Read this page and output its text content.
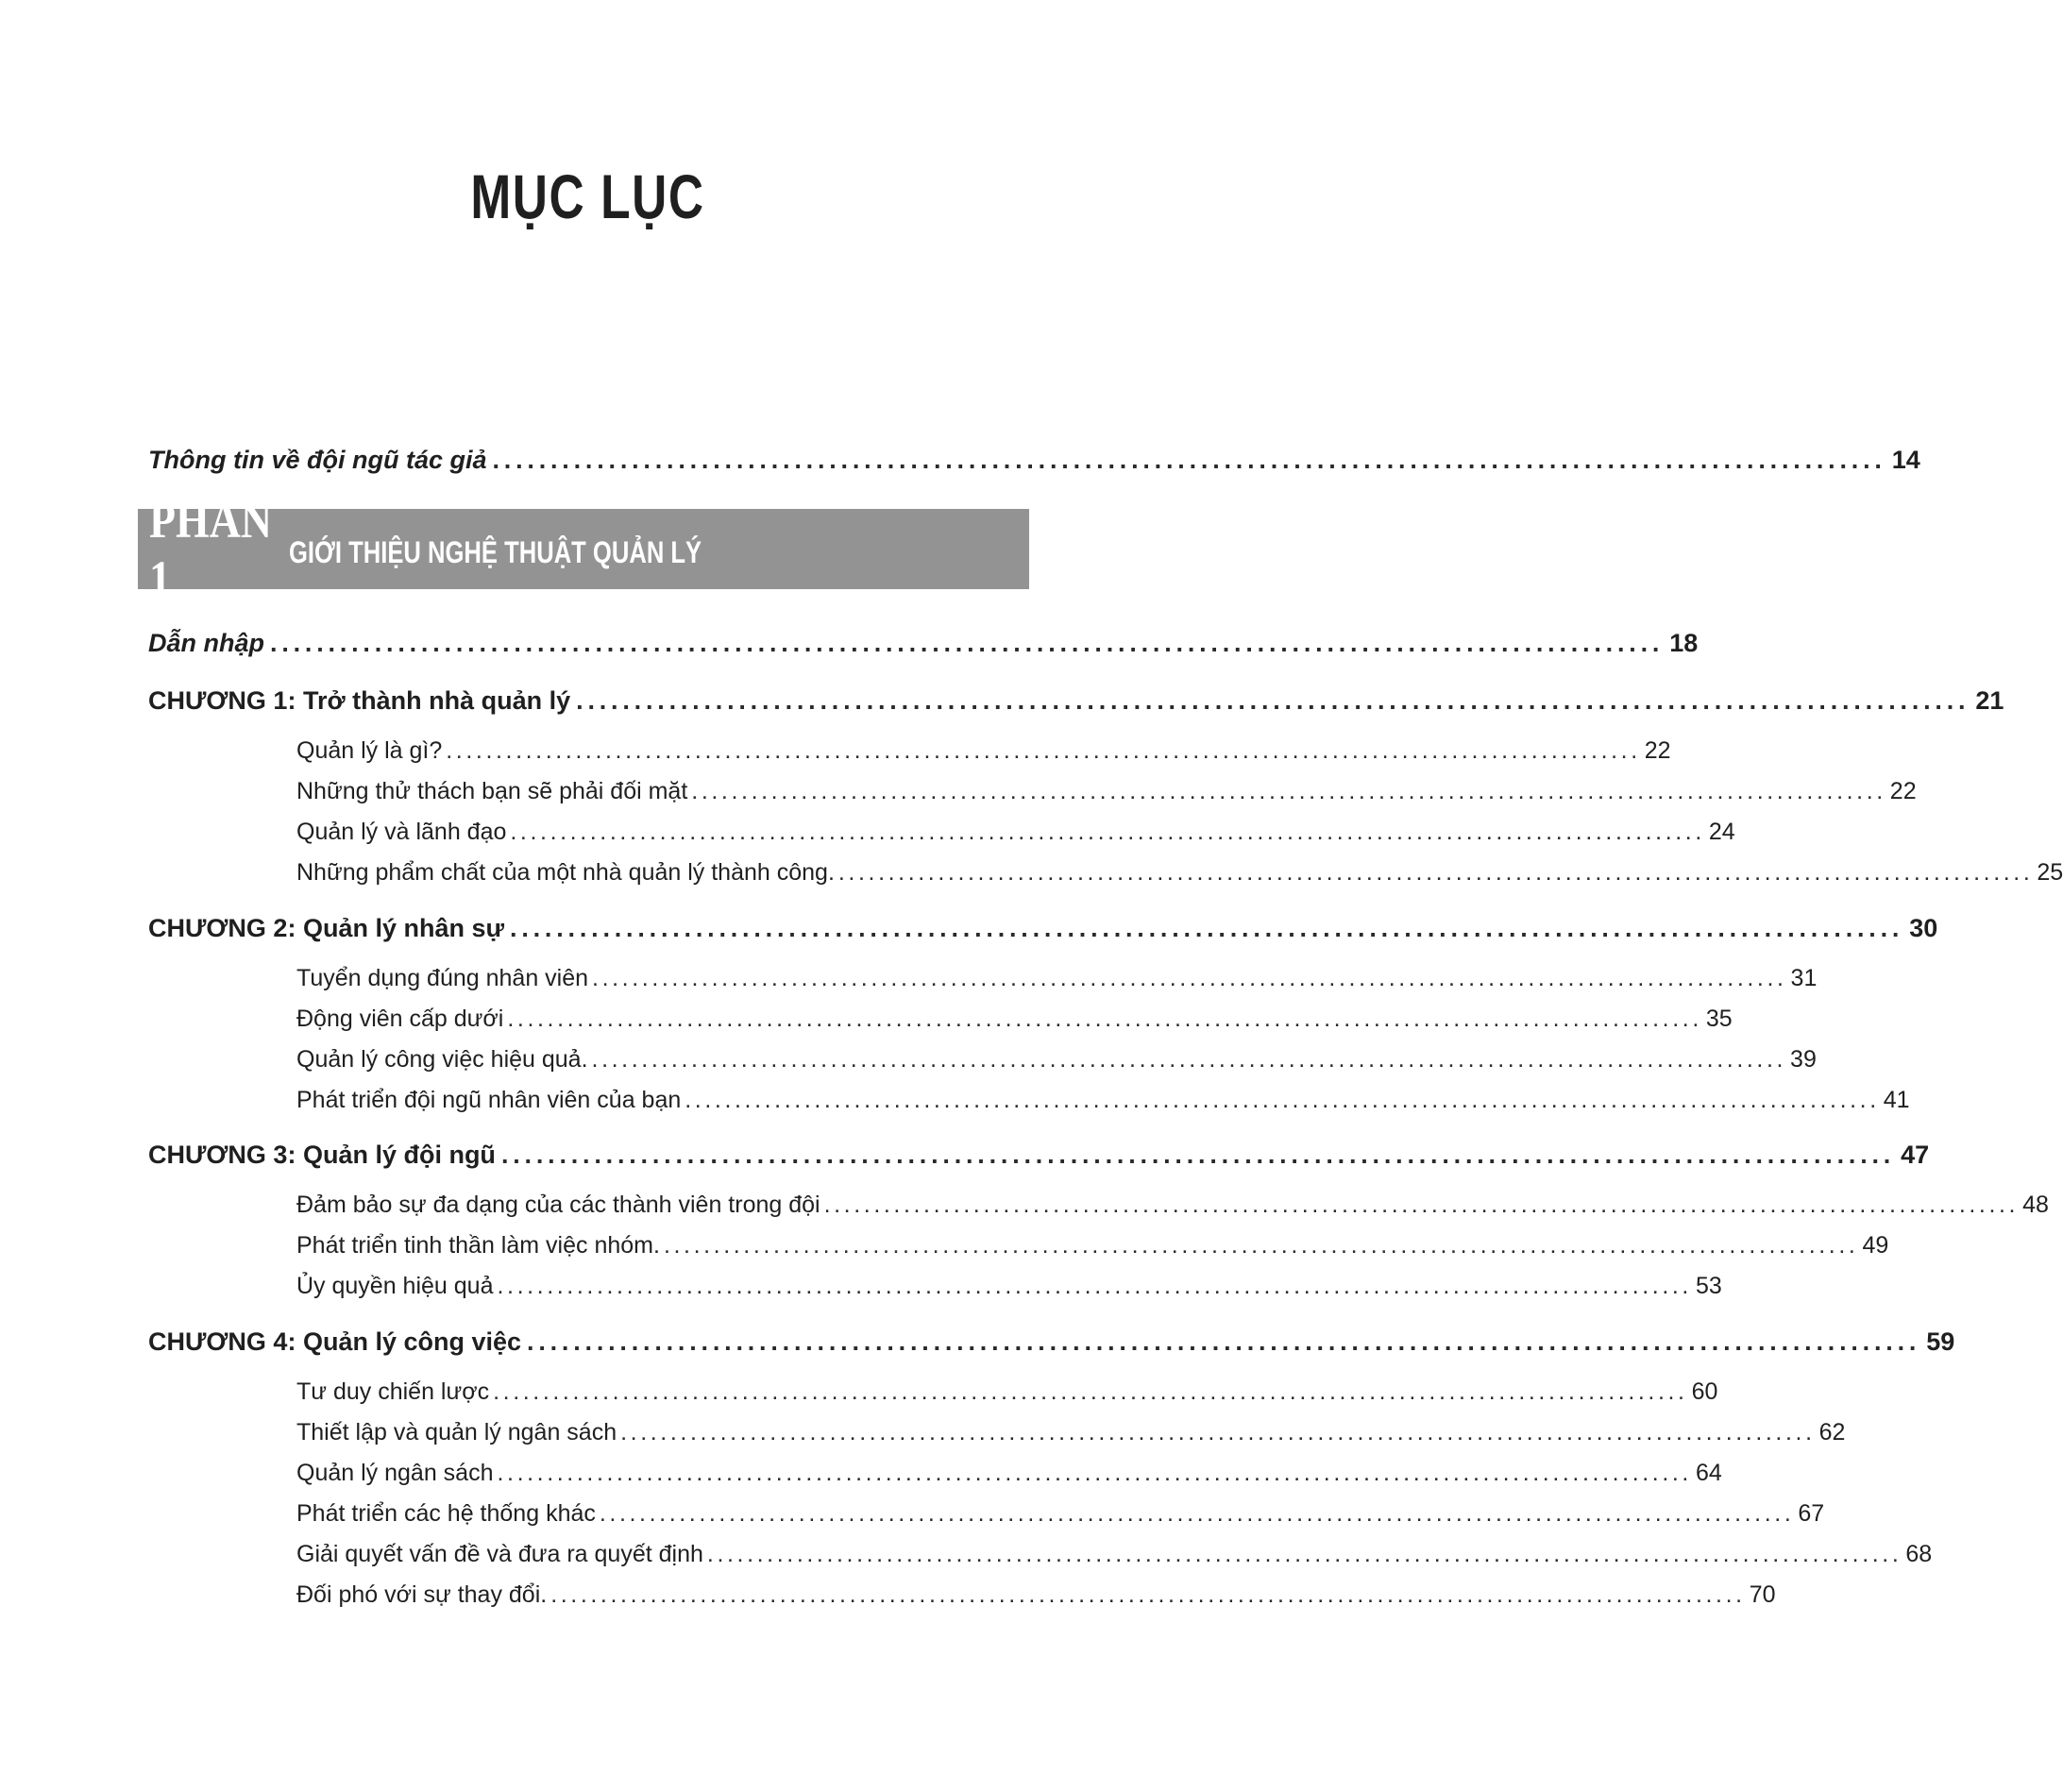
MỤC LỤC
Thông tin về đội ngũ tác giả ........................................................................................................................ 14
Dẫn nhập ........................................................................................................................ 18
CHƯƠNG 1: Trở thành nhà quản lý ........................................................................................................................ 21
Quản lý là gì? ........................................................................................................................ 22
Những thử thách bạn sẽ phải đối mặt ........................................................................................................................ 22
Quản lý và lãnh đạo ........................................................................................................................ 24
Những phẩm chất của một nhà quản lý thành công. ........................................................................................................................ 25
CHƯƠNG 2: Quản lý nhân sự ........................................................................................................................ 30
Tuyển dụng đúng nhân viên ........................................................................................................................ 31
Động viên cấp dưới ........................................................................................................................ 35
Quản lý công việc hiệu quả. ........................................................................................................................ 39
Phát triển đội ngũ nhân viên của bạn ........................................................................................................................ 41
CHƯƠNG 3: Quản lý đội ngũ ........................................................................................................................ 47
Đảm bảo sự đa dạng của các thành viên trong đội ........................................................................................................................ 48
Phát triển tinh thần làm việc nhóm. ........................................................................................................................ 49
Ủy quyền hiệu quả ........................................................................................................................ 53
CHƯƠNG 4: Quản lý công việc ........................................................................................................................ 59
Tư duy chiến lược ........................................................................................................................ 60
Thiết lập và quản lý ngân sách ........................................................................................................................ 62
Quản lý ngân sách ........................................................................................................................ 64
Phát triển các hệ thống khác ........................................................................................................................ 67
Giải quyết vấn đề và đưa ra quyết định ........................................................................................................................ 68
Đối phó với sự thay đổi. ........................................................................................................................ 70
PHẦN 1	GIỚI THIỆU NGHỆ THUẬT QUẢN LÝ
